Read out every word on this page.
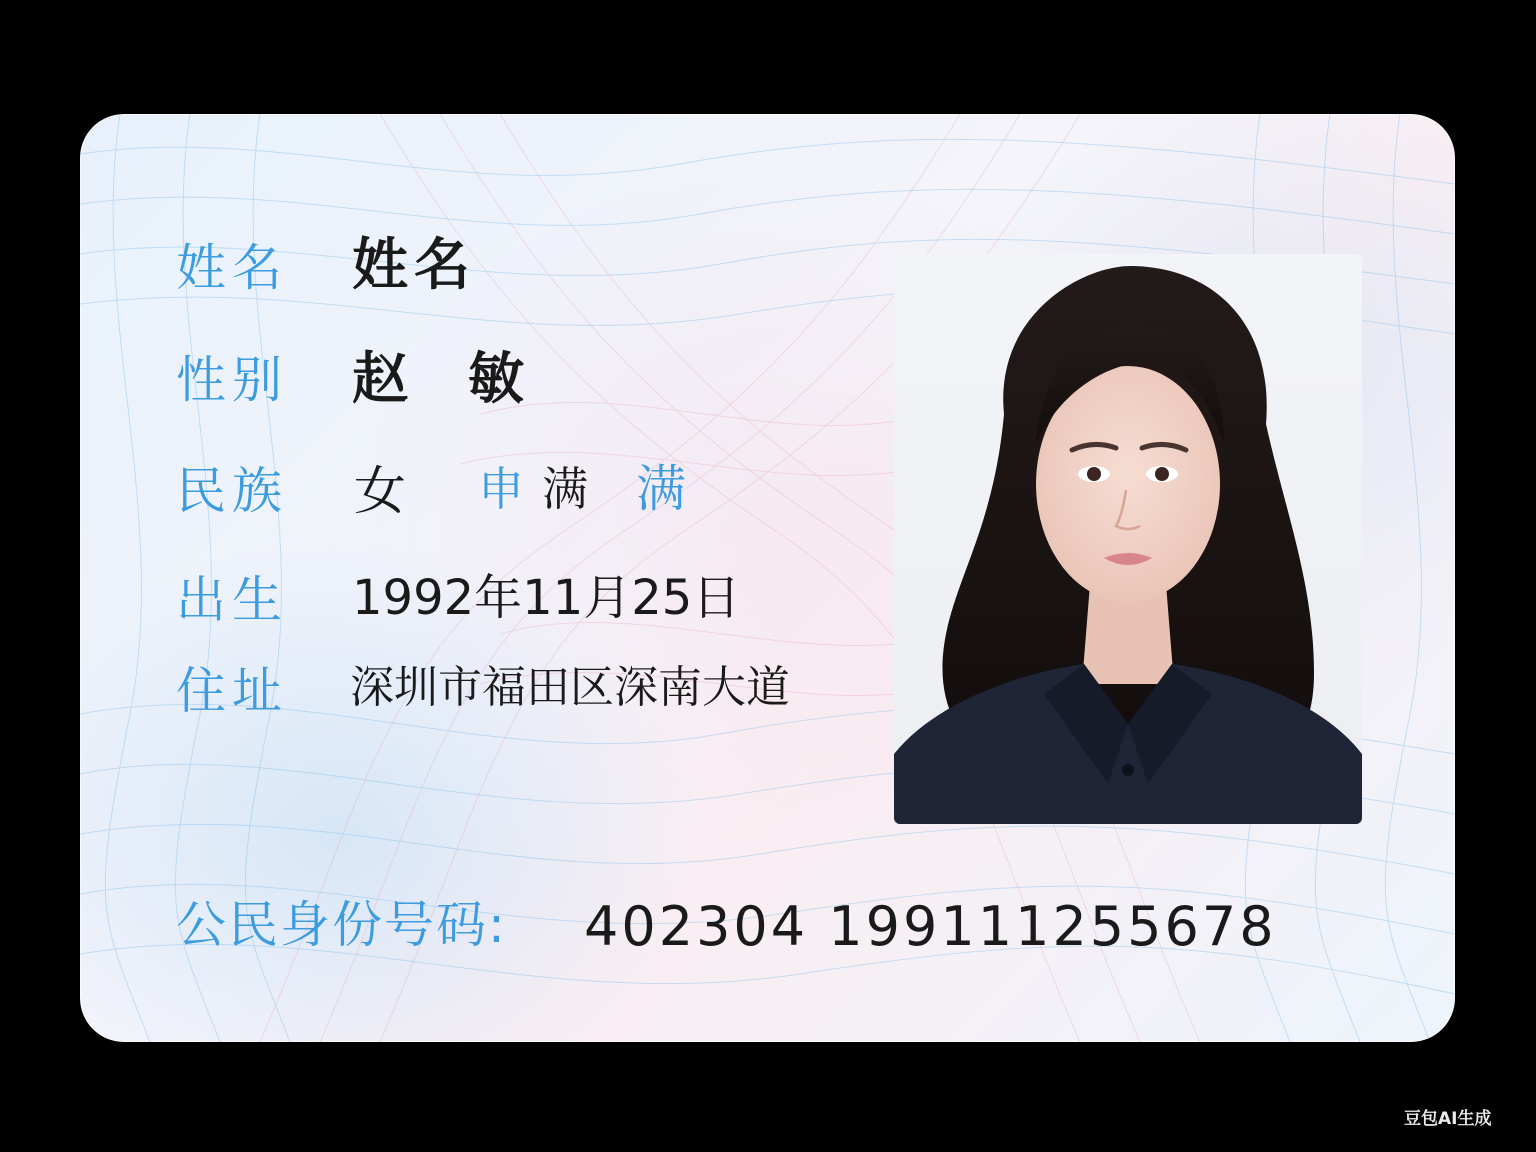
姓名 姓名
性别 赵敏
民族 女 申 满 满
出生 1992年11月25日
住址 深圳市福田区深南大道
公民身份号码: 402304 199111255678
豆包AI生成
